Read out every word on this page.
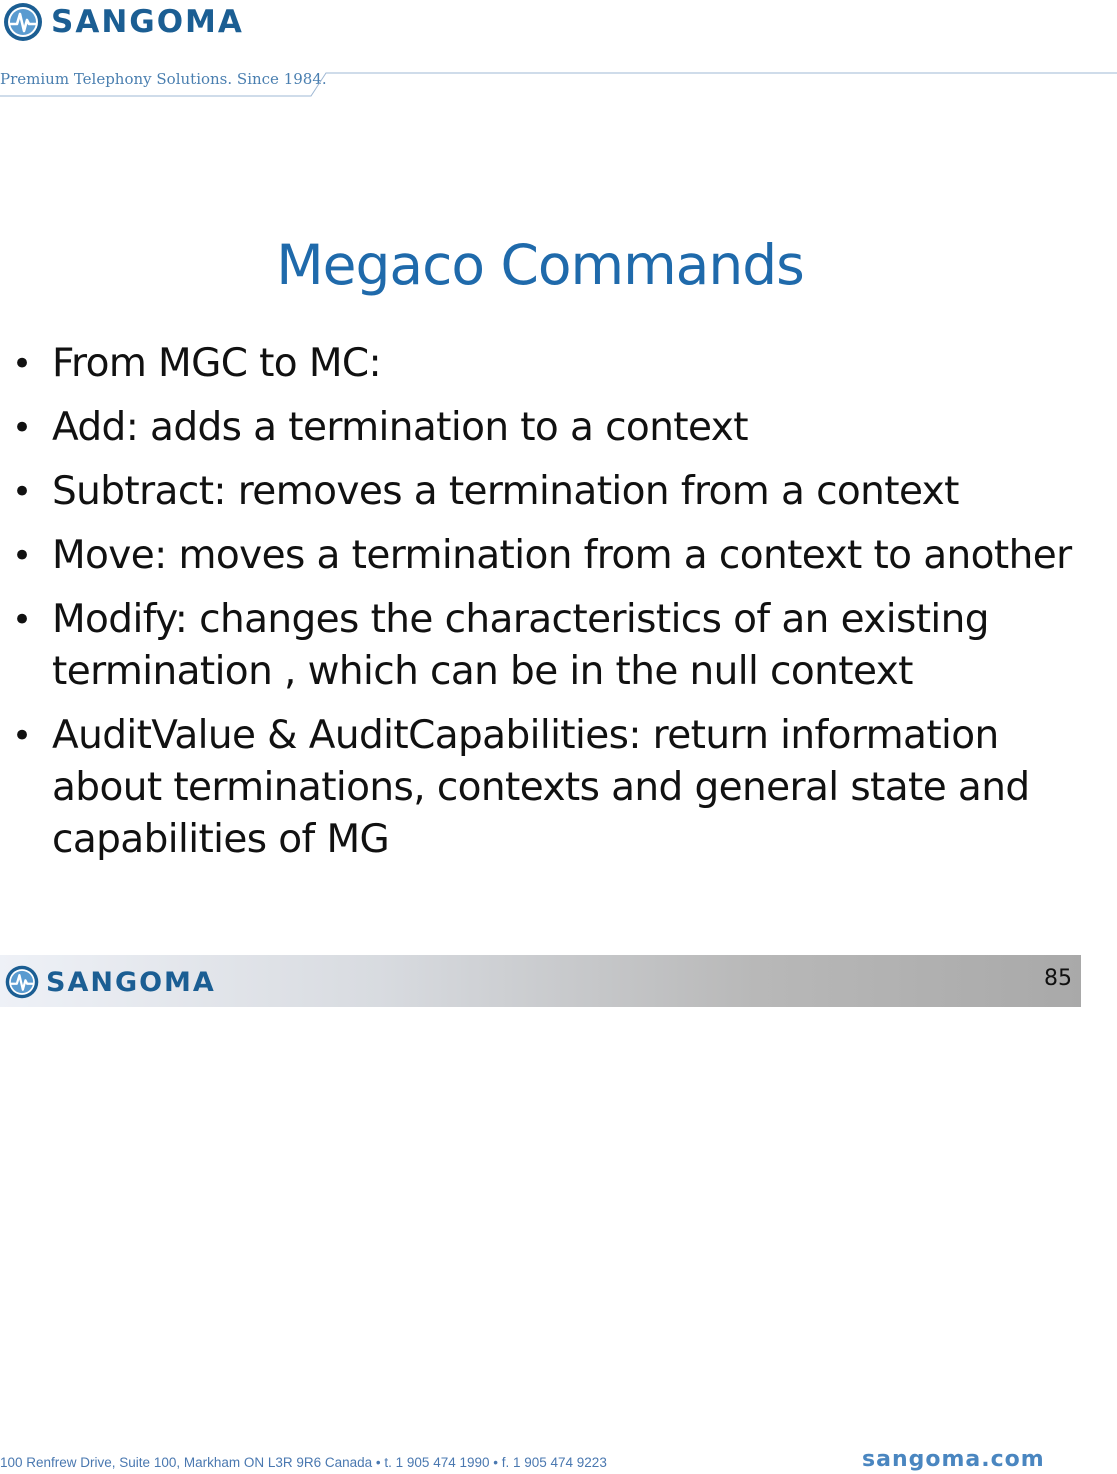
SANGOMA
Premium Telephony Solutions. Since 1984.
Megaco Commands
• From MGC to MC:
• Add: adds a termination to a context
• Subtract: removes a termination from a context
• Move: moves a termination from a context to another
• Modify: changes the characteristics of an existing termination , which can be in the null context
• AuditValue & AuditCapabilities: return information about terminations, contexts and general state and capabilities of MG
SANGOMA	85
100 Renfrew Drive, Suite 100, Markham ON L3R 9R6 Canada • t. 1 905 474 1990 • f. 1 905 474 9223	sangoma.com
